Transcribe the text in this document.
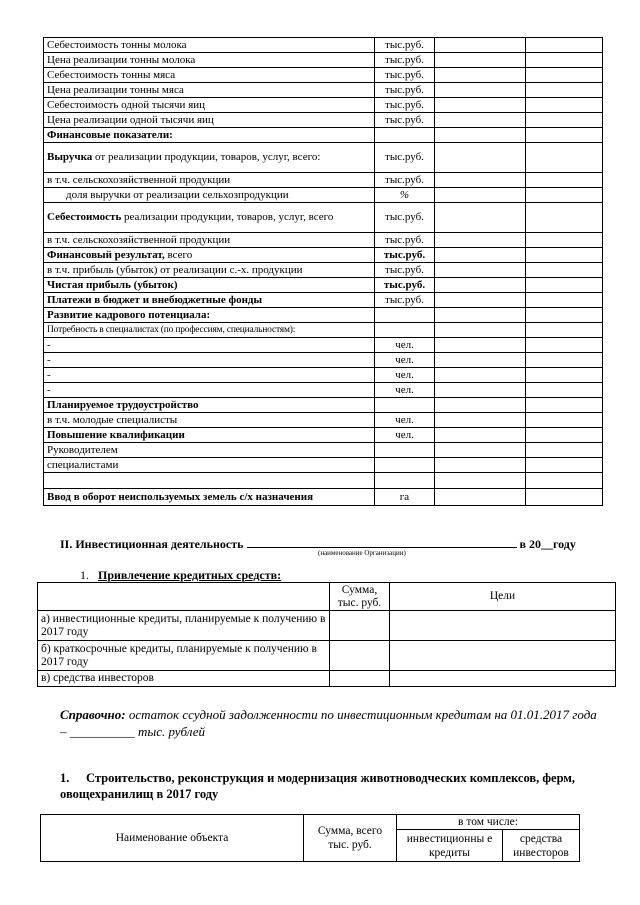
Себестоимость тонны молока	тыс.руб.		
Цена реализации тонны молока	тыс.руб.		
Себестоимость тонны мяса	тыс.руб.		
Цена реализации тонны мяса	тыс.руб.		
Себестоимость одной тысячи яиц	тыс.руб.		
Цена реализации одной тысячи яиц	тыс.руб.		
Финансовые показатели:			
Выручка от реализации продукции, товаров, услуг, всего:	тыс.руб.		
в т.ч. сельскохозяйственной продукции	тыс.руб.		
доля выручки от реализации сельхозпродукции	%		
Себестоимость реализации продукции, товаров, услуг, всего	тыс.руб.		
в т.ч. сельскохозяйственной продукции	тыс.руб.		
Финансовый результат, всего	тыс.руб.		
в т.ч. прибыль (убыток) от реализации с.-х. продукции	тыс.руб.		
Чистая прибыль (убыток)	тыс.руб.		
Платежи в бюджет и внебюджетные фонды	тыс.руб.		
Развитие кадрового потенциала:			
Потребность в специалистах (по профессиям, специальностям):			
-	чел.		
-	чел.		
-	чел.		
-	чел.		
Планируемое трудоустройство			
в т.ч. молодые специалисты	чел.		
Повышение квалификации	чел.		
Руководителем			
специалистами			

Ввод в оборот неиспользуемых земель с/х назначения	га		
II. Инвестиционная деятельность	в 20__году
(наименование Организации)
1. Привлечение кредитных средств:
	Сумма, тыс. руб.	Цели
а) инвестиционные кредиты, планируемые к получению в 2017 году		
б) краткосрочные кредиты, планируемые к получению в 2017 году		
в) средства инвесторов		
Справочно: остаток ссудной задолженности по инвестиционным кредитам на 01.01.2017 года – __________ тыс. рублей
1. Строительство, реконструкция и модернизация животноводческих комплексов, ферм, овощехранилищ в 2017 году
Наименование объекта	Сумма, всего тыс. руб.	в том числе:	
		инвестиционны е кредиты	средства инвесторов
